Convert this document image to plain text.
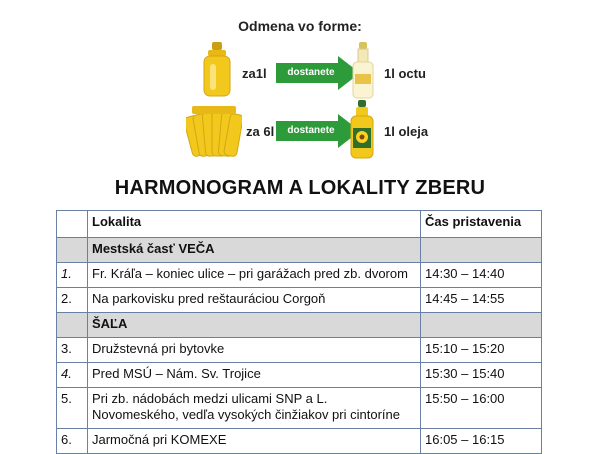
Odmena vo forme:
za1l	dostanete	1l octu
za 6l	dostanete	1l oleja
HARMONOGRAM A LOKALITY ZBERU
	Lokalita	Čas pristavenia
	Mestská časť VEČA	
1.	Fr. Kráľa – koniec ulice – pri garážach pred zb. dvorom	14:30 – 14:40
2.	Na parkovisku pred reštauráciou Corgoň	14:45 – 14:55
	ŠAĽA	
3.	Družstevná pri bytovke	15:10 – 15:20
4.	Pred MSÚ – Nám. Sv. Trojice	15:30 – 15:40
5.	Pri zb. nádobách medzi ulicami SNP a L. Novomeského, vedľa vysokých činžiakov pri cintoríne	15:50 – 16:00
6.	Jarmočná pri KOMEXE	16:05 – 16:15
